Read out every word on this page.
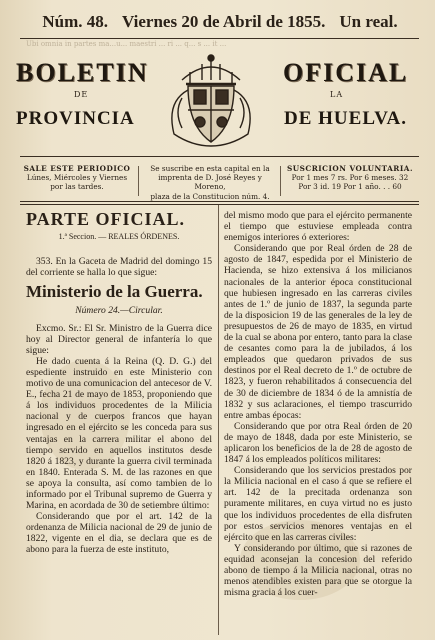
Núm. 48. Viernes 20 de Abril de 1855. Un real.
Ubi omnia in partes ma...u... maestri ... ri ... q... s ... it ...
BOLETIN	OFICIAL
DE	LA
PROVINCIA	DE HUELVA.
SALE ESTE PERIODICO
Lúnes, Miércoles y Viernes
por las tardes.
Se suscribe en esta capital en la
imprenta de D. José Reyes y Moreno,
plaza de la Constitucion núm. 4.
SUSCRICION VOLUNTARIA.
Por 1 mes 7 rs. Por 6 meses. 32
Por 3 id. 19 Por 1 año. . . 60
PARTE OFICIAL.
1.ª Seccion. — REALES ÓRDENES.

353. En la Gaceta de Madrid del domingo 15 del corriente se halla lo que sigue:

Ministerio de la Guerra.
Número 24.—Circular.

Excmo. Sr.: El Sr. Ministro de la Guerra dice hoy al Director general de infantería lo que sigue:

He dado cuenta á la Reina (Q. D. G.) del espediente instruido en este Ministerio con motivo de una comunicacion del antecesor de V. E., fecha 21 de mayo de 1853, proponiendo que á los individuos procedentes de la Milicia nacional y de cuerpos francos que hayan ingresado en el ejército se les conceda para sus ventajas en la carrera militar el abono del tiempo servido en aquellos institutos desde 1820 á 1823, y durante la guerra civil terminada en 1840. Enterada S. M. de las razones en que se apoya la consulta, así como tambien de lo informado por el Tribunal supremo de Guerra y Marina, en acordada de 30 de setiembre último:

Considerando que por el art. 142 de la ordenanza de Milicia nacional de 29 de junio de 1822, vigente en el dia, se declara que es de abono para la fuerza de este instituto,

del mismo modo que para el ejército permanente el tiempo que estuviese empleada contra enemigos interiores ó exteriores:

Considerando que por Real órden de 28 de agosto de 1847, espedida por el Ministerio de Hacienda, se hizo extensiva á los milicianos nacionales de la anterior época constitucional que hubiesen ingresado en las carreras civiles antes de 1.º de junio de 1837, la segunda parte de la disposicion 19 de las generales de la ley de presupuestos de 26 de mayo de 1835, en virtud de la cual se abona por entero, tanto para la clase de cesantes como para la de jubilados, á los empleados que quedaron privados de sus destinos por el Real decreto de 1.º de octubre de 1823, y fueron rehabilitados á consecuencia del de 30 de diciembre de 1834 ó de la amnistía de 1832 y sus aclaraciones, el tiempo trascurrido entre ambas épocas:

Considerando que por otra Real órden de 20 de mayo de 1848, dada por este Ministerio, se aplicaron los beneficios de la de 28 de agosto de 1847 á los empleados políticos militares:

Considerando que los servicios prestados por la Milicia nacional en el caso á que se refiere el art. 142 de la precitada ordenanza son puramente militares, en cuya virtud no es justo que los individuos procedentes de ella disfruten por estos servicios menores ventajas en el ejército que en las carreras civiles:

Y considerando por último, que si razones de equidad aconsejan la concesion del referido abono de tiempo á la Milicia nacional, otras no menos atendibles existen para que se otorgue la misma gracia á los cuer-
